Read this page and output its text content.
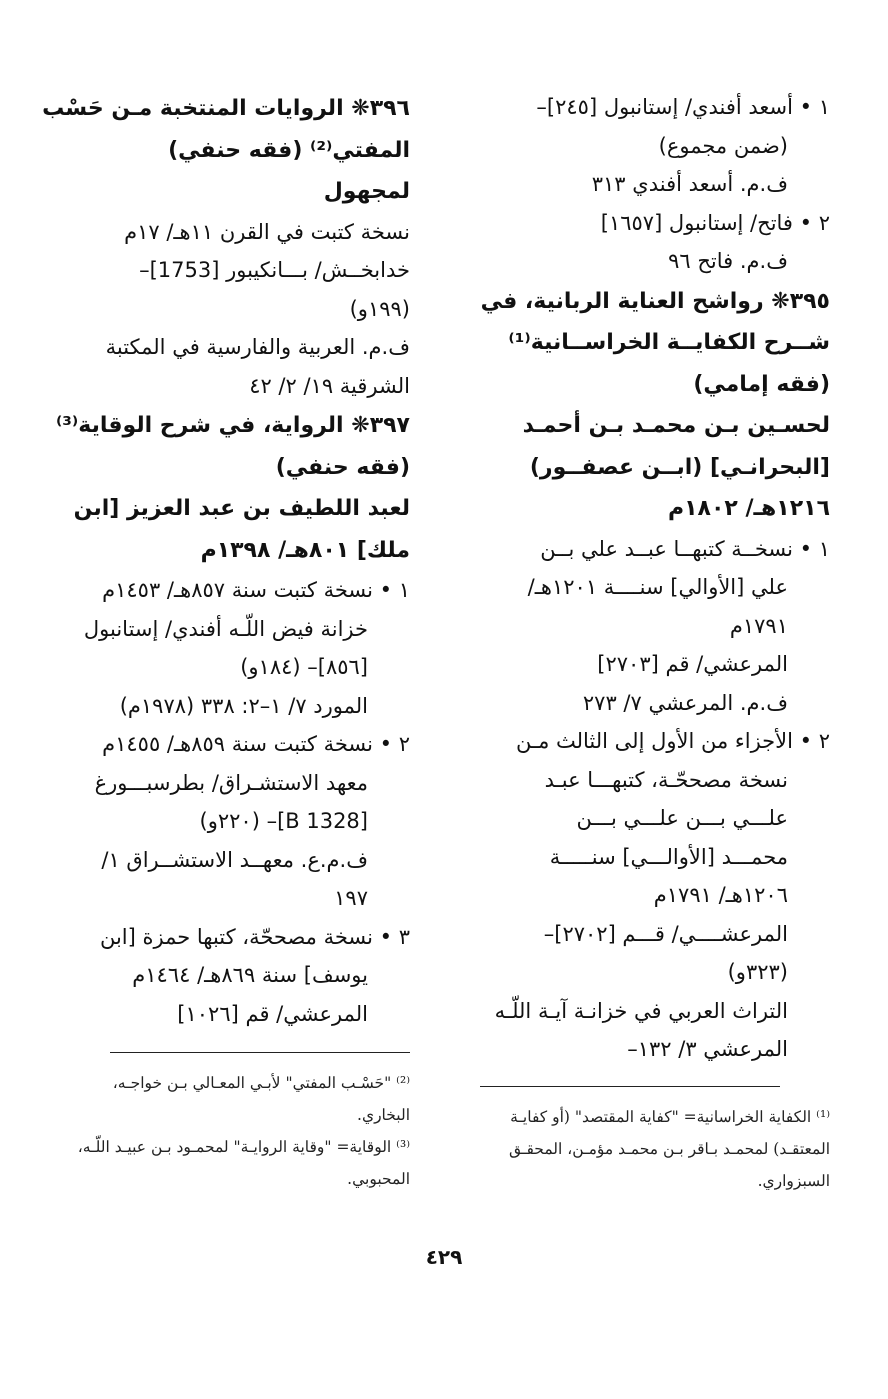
١ • أسعد أفندي/ إستانبول [٢٤٥]–
(ضمن مجموع)
ف.م. أسعد أفندي ٣١٣
٢ • فاتح/ إستانبول [١٦٥٧]
ف.م. فاتح ٩٦
٣٩٥❋ رواشح العناية الربانية، في
شــرح الكفايــة الخراســانية⁽¹⁾
(فقه إمامي)
لحسـين بـن محمـد بـن أحمـد
[البحرانـي] (ابــن عصفــور)
١٢١٦هـ/ ١٨٠٢م
١ • نسخــة كتبهــا عبــد علي بــن
علي [الأوالي] سنــــة ١٢٠١هـ/
١٧٩١م
المرعشي/ قم [٢٧٠٣]
ف.م. المرعشي ٧/ ٢٧٣
٢ • الأجزاء من الأول إلى الثالث مـن
نسخة مصححّـة، كتبهـــا عبـد
علـــي بـــن علـــي بـــن
محمـــد [الأوالـــي] سنـــــة
١٢٠٦هـ/ ١٧٩١م
المرعشــــي/ قـــم [٢٧٠٢]–
(٣٢٣و)
التراث العربي في خزانـة آيـة اللّـه
المرعشي ٣/ ١٣٢–
٣٩٦❋ الروايات المنتخبة مـن حَسْب
المفتي⁽²⁾ (فقه حنفي)
لمجهول
نسخة كتبت في القرن ١١هـ/ ١٧م
خدابخــش/ بـــانكيبور [1753]–
(١٩٩و)
ف.م. العربية والفارسية في المكتبة
الشرقية ١٩/ ٢/ ٤٢
٣٩٧❋ الرواية، في شرح الوقاية⁽³⁾
(فقه حنفي)
لعبد اللطيف بن عبد العزيز [ابن
ملك] ٨٠١هـ/ ١٣٩٨م
١ • نسخة كتبت سنة ٨٥٧هـ/ ١٤٥٣م
خزانة فيض اللّـه أفندي/ إستانبول
[٨٥٦]– (١٨٤و)
المورد ٧/ ١–٢: ٣٣٨ (١٩٧٨م)
٢ • نسخة كتبت سنة ٨٥٩هـ/ ١٤٥٥م
معهد الاستشـراق/ بطرسبـــورغ
[B 1328]– (٢٢٠و)
ف.م.ع. معهــد الاستشــراق ١/
١٩٧
٣ • نسخة مصححّة، كتبها حمزة [ابن
يوسف] سنة ٨٦٩هـ/ ١٤٦٤م
المرعشي/ قم [١٠٢٦]
⁽²⁾ "حَسْـب المفتي" لأبـي المعـالي بـن خواجـه،
البخاري.
⁽³⁾ الوقاية= "وقاية الروايـة" لمحمـود بـن عبيـد اللّـه،
المحبوبي.
⁽¹⁾ الكفاية الخراسانية= "كفاية المقتصد" (أو كفايـة
المعتقـد) لمحمـد بـاقر بـن محمـد مؤمـن، المحقـق
السبزواري.
٤٢٩
